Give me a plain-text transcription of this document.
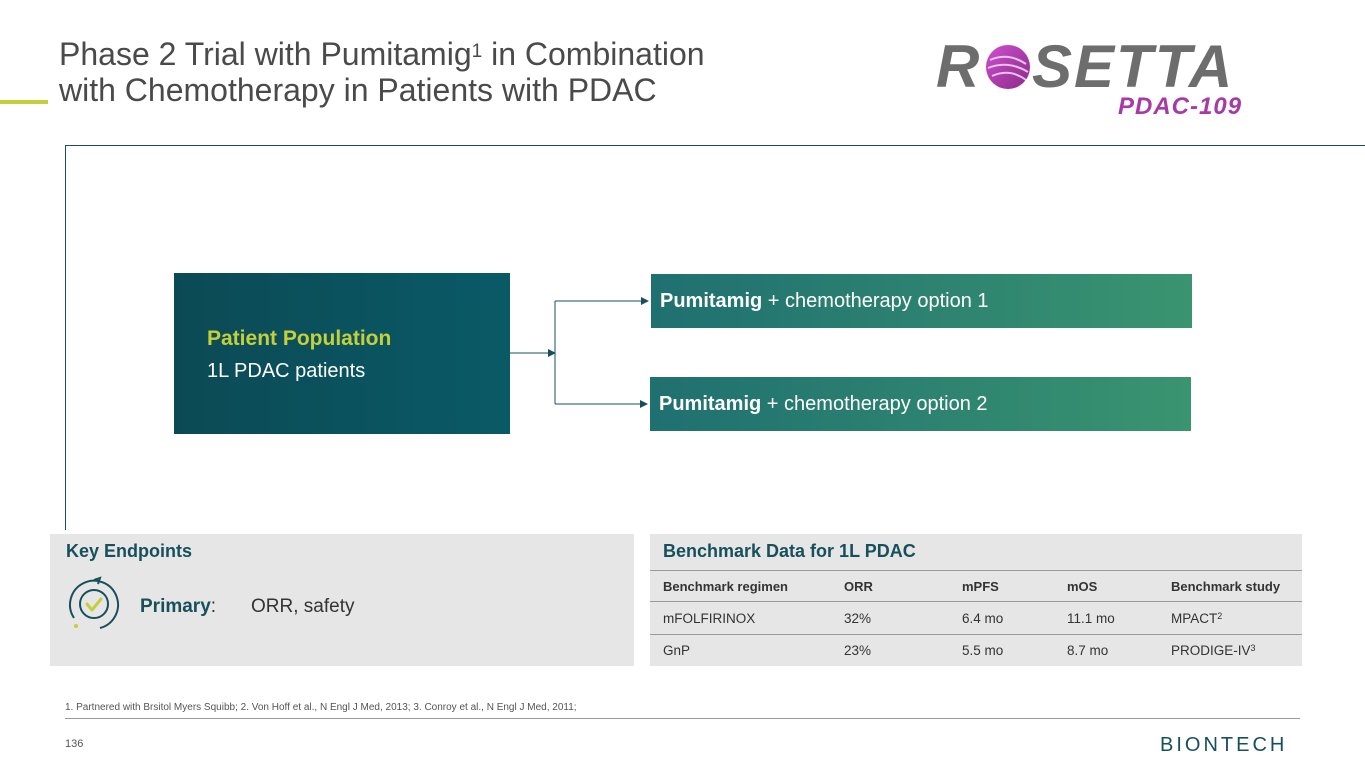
Phase 2 Trial with Pumitamig$^1$ in Combination
with Chemotherapy in Patients with PDAC	R SETTA
PDAC-109
Patient Population
1L PDAC patients
Pumitamig + chemotherapy option 1
Pumitamig + chemotherapy option 2
Key Endpoints
Primary: ORR, safety
Benchmark Data for 1L PDAC
Benchmark regimen	ORR	mPFS	mOS	Benchmark study
mFOLFIRINOX	32%	6.4 mo	11.1 mo	MPACT$^2$
GnP	23%	5.5 mo	8.7 mo	PRODIGE-$IV^3$
1. Partnered with Brsitol Myers Squibb; 2. Von Hoff et al., N Engl J Med, 2013; 3. Conroy et al., N Engl J Med, 2011;
136	BIONTECH
